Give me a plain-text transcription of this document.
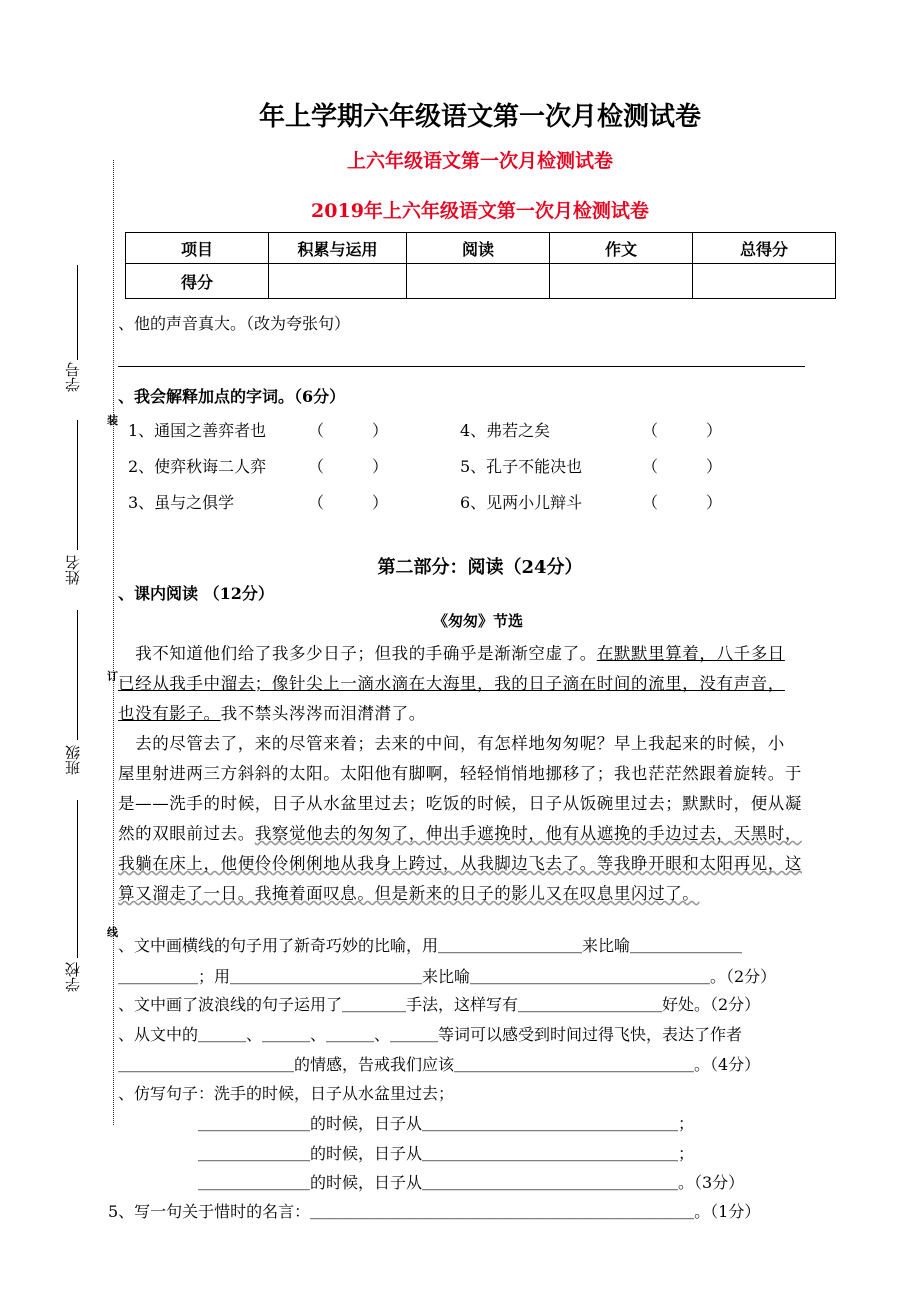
年上学期六年级语文第一次月检测试卷
上六年级语文第一次月检测试卷
2019年上六年级语文第一次月检测试卷
项目	积累与运用	阅读	作文	总得分
得分				
学号
姓名
班级
学校
装
订
线
、他的声音真大。（改为夸张句）
、我会解释加点的字词。（6分）
第二部分：阅读（24分）
、课内阅读 （12分）
《匆匆》节选
1、通国之善弈者也	（　　　）	4、弗若之矣	（　　　）
2、使弈秋诲二人弈	（　　　）	5、孔子不能决也	（　　　）
3、虽与之俱学	（　　　）	6、见两小儿辩斗	（　　　）
　我不知道他们给了我多少日子；但我的手确乎是渐渐空虚了。在默默里算着，八千多日
已经从我手中溜去；像针尖上一滴水滴在大海里，我的日子滴在时间的流里，没有声音，
也没有影子。我不禁头涔涔而泪潸潸了。
　去的尽管去了，来的尽管来着；去来的中间，有怎样地匆匆呢？早上我起来的时候，小
屋里射进两三方斜斜的太阳。太阳他有脚啊，轻轻悄悄地挪移了；我也茫茫然跟着旋转。于
是——洗手的时候，日子从水盆里过去；吃饭的时候，日子从饭碗里过去；默默时，便从凝
然的双眼前过去。我察觉他去的匆匆了，伸出手遮挽时，他有从遮挽的手边过去，天黑时，
我躺在床上，他便伶伶俐俐地从我身上跨过，从我脚边飞去了。等我睁开眼和太阳再见，这
算又溜走了一日。我掩着面叹息。但是新来的日子的影儿又在叹息里闪过了。
、文中画横线的句子用了新奇巧妙的比喻，用＿＿＿＿＿＿＿＿＿来比喻＿＿＿＿＿＿＿
＿＿＿＿＿；用＿＿＿＿＿＿＿＿＿＿＿＿来比喻＿＿＿＿＿＿＿＿＿＿＿＿＿＿＿。（2分）
、文中画了波浪线的句子运用了＿＿＿＿手法，这样写有＿＿＿＿＿＿＿＿＿好处。（2分）
、从文中的＿＿＿、＿＿＿、＿＿＿、＿＿＿等词可以感受到时间过得飞快，表达了作者
＿＿＿＿＿＿＿＿＿＿＿的情感，告戒我们应该＿＿＿＿＿＿＿＿＿＿＿＿＿＿＿。（4分）
、仿写句子：洗手的时候，日子从水盆里过去；
　　　　　＿＿＿＿＿＿＿的时候，日子从＿＿＿＿＿＿＿＿＿＿＿＿＿＿＿＿；
　　　　　＿＿＿＿＿＿＿的时候，日子从＿＿＿＿＿＿＿＿＿＿＿＿＿＿＿＿；
　　　　　＿＿＿＿＿＿＿的时候，日子从＿＿＿＿＿＿＿＿＿＿＿＿＿＿＿＿。（3分）
5、写一句关于惜时的名言：＿＿＿＿＿＿＿＿＿＿＿＿＿＿＿＿＿＿＿＿＿＿＿＿。（1分）
